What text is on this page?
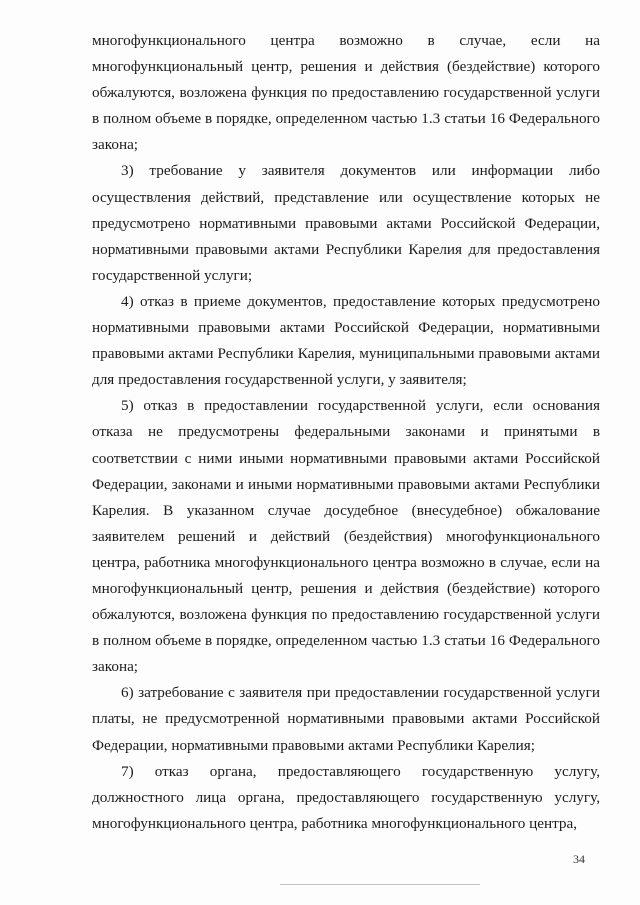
многофункционального центра возможно в случае, если на многофункциональный центр, решения и действия (бездействие) которого обжалуются, возложена функция по предоставлению государственной услуги в полном объеме в порядке, определенном частью 1.3 статьи 16 Федерального закона;

3) требование у заявителя документов или информации либо осуществления действий, представление или осуществление которых не предусмотрено нормативными правовыми актами Российской Федерации, нормативными правовыми актами Республики Карелия для предоставления государственной услуги;

4) отказ в приеме документов, предоставление которых предусмотрено нормативными правовыми актами Российской Федерации, нормативными правовыми актами Республики Карелия, муниципальными правовыми актами для предоставления государственной услуги, у заявителя;

5) отказ в предоставлении государственной услуги, если основания отказа не предусмотрены федеральными законами и принятыми в соответствии с ними иными нормативными правовыми актами Российской Федерации, законами и иными нормативными правовыми актами Республики Карелия. В указанном случае досудебное (внесудебное) обжалование заявителем решений и действий (бездействия) многофункционального центра, работника многофункционального центра возможно в случае, если на многофункциональный центр, решения и действия (бездействие) которого обжалуются, возложена функция по предоставлению государственной услуги в полном объеме в порядке, определенном частью 1.3 статьи 16 Федерального закона;

6) затребование с заявителя при предоставлении государственной услуги платы, не предусмотренной нормативными правовыми актами Российской Федерации, нормативными правовыми актами Республики Карелия;

7) отказ органа, предоставляющего государственную услугу, должностного лица органа, предоставляющего государственную услугу, многофункционального центра, работника многофункционального центра,

34
